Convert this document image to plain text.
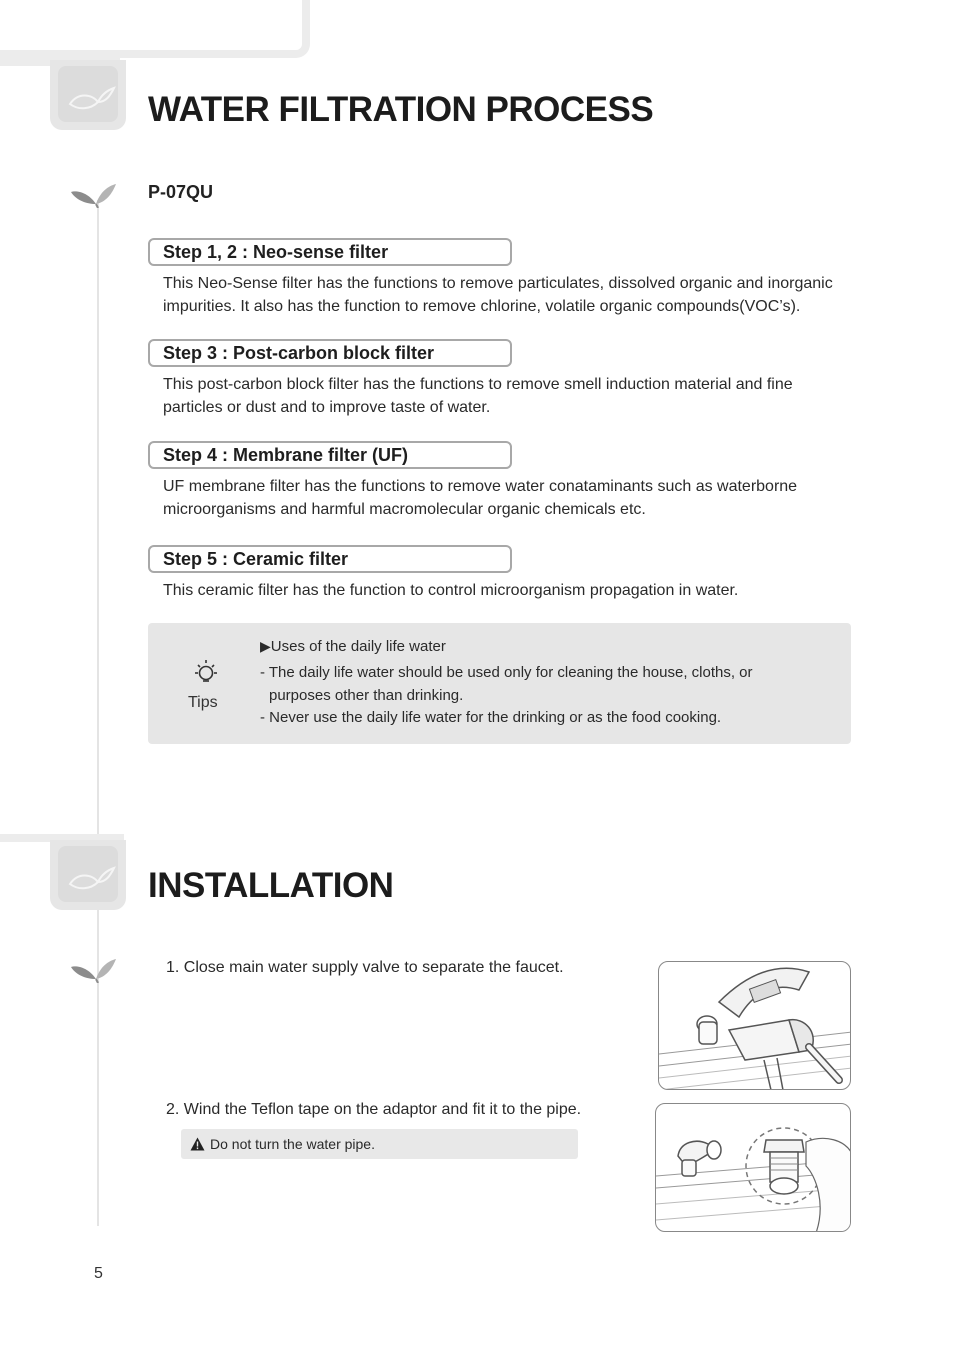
WATER FILTRATION PROCESS
P-07QU
Step 1, 2 : Neo-sense filter
This Neo-Sense filter has the functions to remove particulates, dissolved organic and inorganic
impurities. It also has the function to remove chlorine, volatile organic compounds(VOC’s).
Step 3 : Post-carbon block filter
This post-carbon block filter has the functions to remove smell induction material and fine
particles or dust and to improve taste of water.
Step 4 : Membrane filter (UF)
UF membrane filter has the functions to remove water conataminants such as waterborne
microorganisms and harmful macromolecular organic chemicals etc.
Step 5 : Ceramic filter
This ceramic filter has the function to control microorganism propagation in water.
Tips
▶Uses of the daily life water
- The daily life water should be used only for cleaning the house, cloths, or
purposes other than drinking.
- Never use the daily life water for the drinking or as the food cooking.
INSTALLATION
1. Close main water supply valve to separate the faucet.
2. Wind the Teflon tape on the adaptor and fit it to the pipe.
Do not turn the water pipe.
5
